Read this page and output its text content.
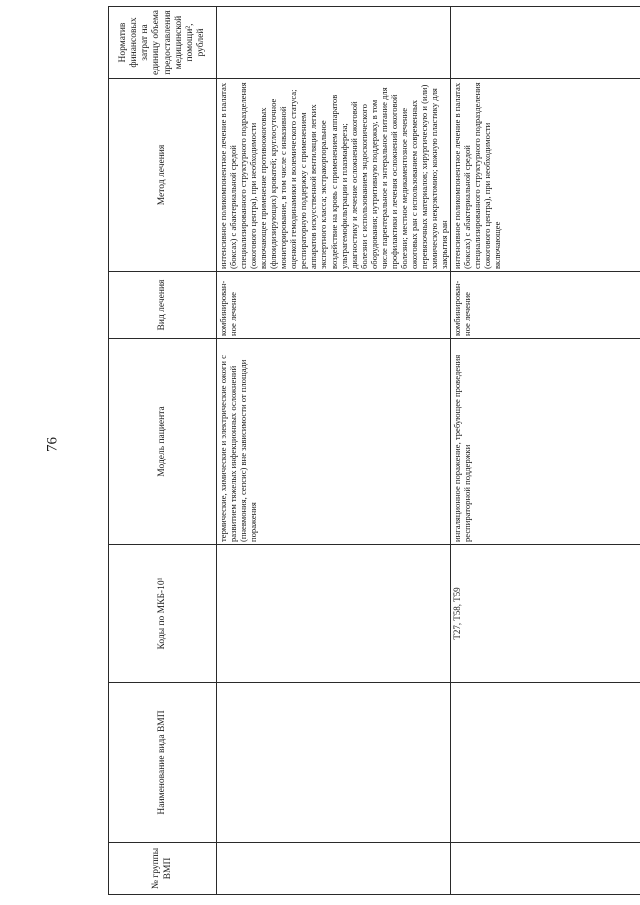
76
№ группы ВМП	Наименование вида ВМП	Коды по МКБ-10¹	Модель пациента	Вид лечения	Метод лечения	Норматив финансовых затрат на единицу объема предоставления медицинской помощи², рублей
			термические, химические и электрические ожоги с развитием тяжелых инфекционных осложнений (пневмония, сепсис) вне зависимости от площади поражения	комбинирован-ное лечение	интенсивное поликомпонентное лечение в палатах (боксах) с абактериальной средой специализированного структурного подразделения (ожогового центра), при необходимости включающее применение противоожоговых (флюидизирующих) кроватей; круглосуточное мониторирование, в том числе с инвазивной оценкой гемодинамики и волемического статуса; респираторную поддержку с применением аппаратов искусственной вентиляции легких экспертного класса; экстракорпоральное воздействие на кровь с применением аппаратов ультрагемофильтрации и плазмафереза; диагностику и лечение осложнений ожоговой болезни с использованием эндоскопического оборудования; нутритивную поддержку, в том числе парентеральное и энтеральное питание для профилактики и лечения осложнений ожоговой болезни; местное медикаментозное лечение ожоговых ран с использованием современных перевязочных материалов; хирургическую и (или) химическую некрэктомию; кожную пластику для закрытия ран	
		T27, T58, T59	ингаляционное поражение, требующее проведения респираторной поддержки	комбинирован-ное лечение	интенсивное поликомпонентное лечение в палатах (боксах) с абактериальной средой специализированного структурного подразделения (ожогового центра), при необходимости включающее	
